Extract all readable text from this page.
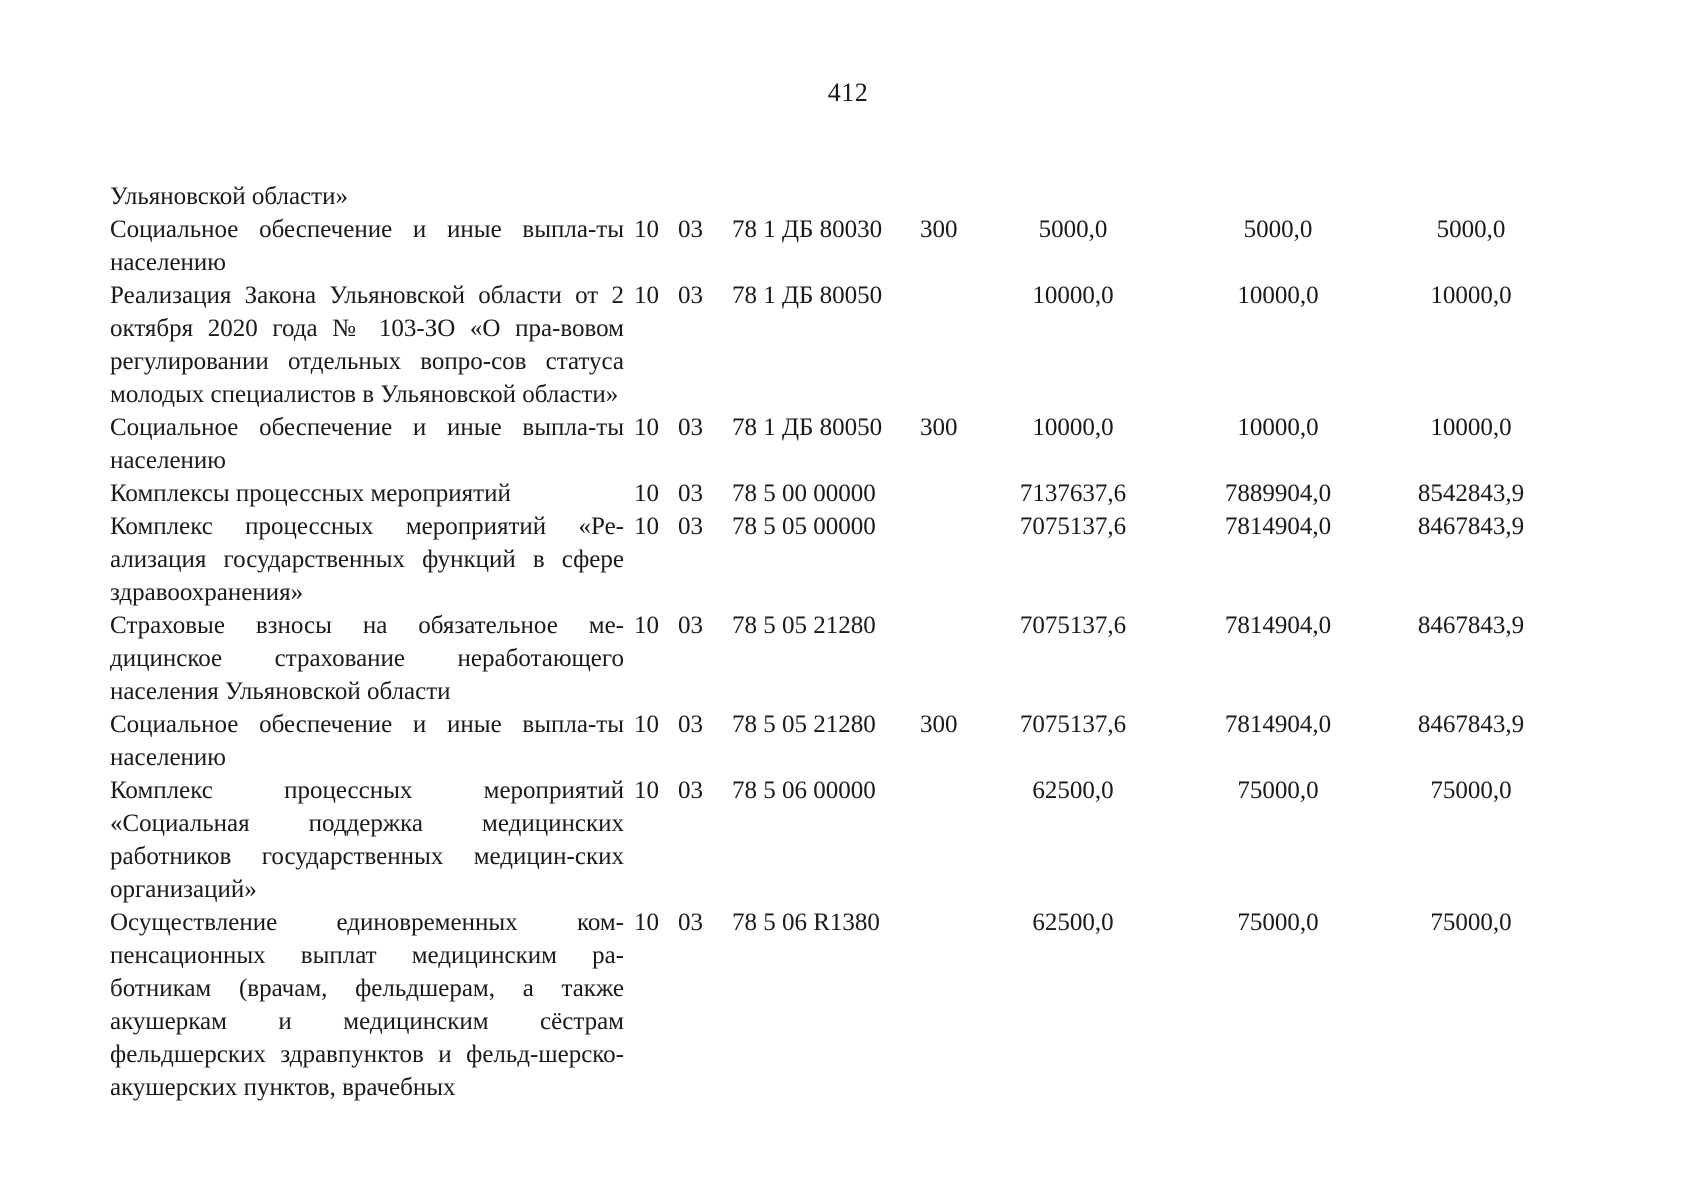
412
Ульяновской области»							
Социальное обеспечение и иные выпла-ты населению	10	03	78 1 ДБ 80030	300	5000,0	5000,0	5000,0
Реализация Закона Ульяновской области от 2 октября 2020 года № 103-ЗО «О пра-вовом регулировании отдельных вопро-сов статуса молодых специалистов в Ульяновской области»	10	03	78 1 ДБ 80050		10000,0	10000,0	10000,0
Социальное обеспечение и иные выпла-ты населению	10	03	78 1 ДБ 80050	300	10000,0	10000,0	10000,0
Комплексы процессных мероприятий	10	03	78 5 00 00000		7137637,6	7889904,0	8542843,9
Комплекс процессных мероприятий «Ре-ализация государственных функций в сфере здравоохранения»	10	03	78 5 05 00000		7075137,6	7814904,0	8467843,9
Страховые взносы на обязательное ме-дицинское страхование неработающего населения Ульяновской области	10	03	78 5 05 21280		7075137,6	7814904,0	8467843,9
Социальное обеспечение и иные выпла-ты населению	10	03	78 5 05 21280	300	7075137,6	7814904,0	8467843,9
Комплекс процессных мероприятий «Социальная поддержка медицинских работников государственных медицин-ских организаций»	10	03	78 5 06 00000		62500,0	75000,0	75000,0
Осуществление единовременных ком-пенсационных выплат медицинским ра-ботникам (врачам, фельдшерам, а также акушеркам и медицинским сёстрам фельдшерских здравпунктов и фельд-шерско-акушерских пунктов, врачебных	10	03	78 5 06 R1380		62500,0	75000,0	75000,0
